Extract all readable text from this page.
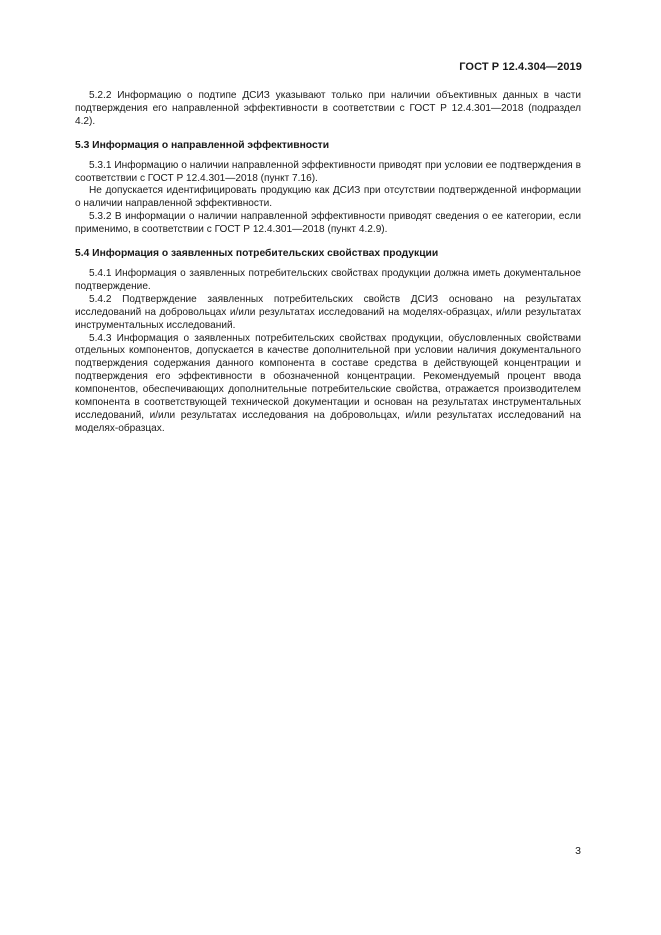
ГОСТ Р 12.4.304—2019

5.2.2 Информацию о подтипе ДСИЗ указывают только при наличии объективных данных в части подтверждения его направленной эффективности в соответствии с ГОСТ Р 12.4.301—2018 (подраздел 4.2).

5.3 Информация о направленной эффективности

5.3.1 Информацию о наличии направленной эффективности приводят при условии ее подтверждения в соответствии с ГОСТ Р 12.4.301—2018 (пункт 7.16).

Не допускается идентифицировать продукцию как ДСИЗ при отсутствии подтвержденной информации о наличии направленной эффективности.

5.3.2 В информации о наличии направленной эффективности приводят сведения о ее категории, если применимо, в соответствии с ГОСТ Р 12.4.301—2018 (пункт 4.2.9).

5.4 Информация о заявленных потребительских свойствах продукции

5.4.1 Информация о заявленных потребительских свойствах продукции должна иметь документальное подтверждение.

5.4.2 Подтверждение заявленных потребительских свойств ДСИЗ основано на результатах исследований на добровольцах и/или результатах исследований на моделях-образцах, и/или результатах инструментальных исследований.

5.4.3 Информация о заявленных потребительских свойствах продукции, обусловленных свойствами отдельных компонентов, допускается в качестве дополнительной при условии наличия документального подтверждения содержания данного компонента в составе средства в действующей концентрации и подтверждения его эффективности в обозначенной концентрации. Рекомендуемый процент ввода компонентов, обеспечивающих дополнительные потребительские свойства, отражается производителем компонента в соответствующей технической документации и основан на результатах инструментальных исследований, и/или результатах исследования на добровольцах, и/или результатах исследований на моделях-образцах.

3
